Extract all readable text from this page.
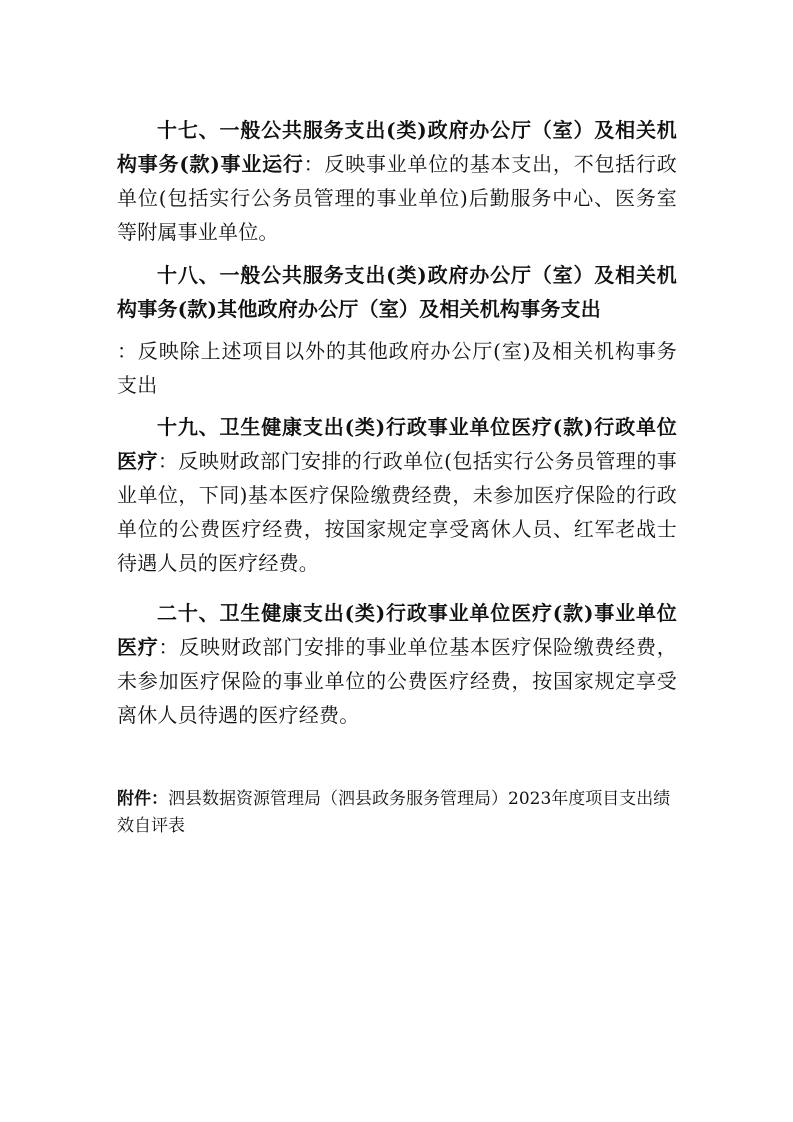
十七、一般公共服务支出(类)政府办公厅（室）及相关机构事务(款)事业运行：反映事业单位的基本支出，不包括行政单位(包括实行公务员管理的事业单位)后勤服务中心、医务室等附属事业单位。

十八、一般公共服务支出(类)政府办公厅（室）及相关机构事务(款)其他政府办公厅（室）及相关机构事务支出

：反映除上述项目以外的其他政府办公厅(室)及相关机构事务支出

十九、卫生健康支出(类)行政事业单位医疗(款)行政单位医疗：反映财政部门安排的行政单位(包括实行公务员管理的事业单位，下同)基本医疗保险缴费经费，未参加医疗保险的行政单位的公费医疗经费，按国家规定享受离休人员、红军老战士待遇人员的医疗经费。

二十、卫生健康支出(类)行政事业单位医疗(款)事业单位医疗：反映财政部门安排的事业单位基本医疗保险缴费经费，未参加医疗保险的事业单位的公费医疗经费，按国家规定享受离休人员待遇的医疗经费。

附件：泗县数据资源管理局（泗县政务服务管理局）2023年度项目支出绩效自评表
